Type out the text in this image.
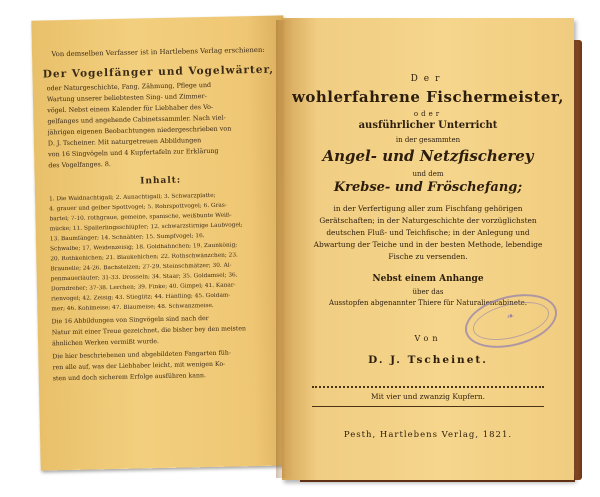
Von demselben Verfasser ist in Hartlebens Verlag erschienen:
Der Vogelfänger und Vogelwärter,
oder Naturgeschichte, Fang, Zähmung, Pflege und
Wartung unserer beliebtesten Sing- und Zimmer-
vögel. Nebst einem Kalender für Liebhaber des Vo-
gelfanges und angehende Cabinetssammler. Nach viel-
jährigen eigenen Beobachtungen niedergeschrieben von
D. J. Tscheiner. Mit naturgetreuen Abbildungen
von 16 Singvögeln und 4 Kupfertafeln zur Erklärung
des Vogelfanges. 8.
Inhalt:
1. Die Waldnachtigall; 2. Aunachtigall; 3. Schwarzplatte;
4. grauer und gelber Spottvogel; 5. Rohrspottvogel; 6. Gras-
bartel; 7-10. rothgraue, gemeine, spanische, weißbunte Weiß-
mücke; 11. Spallerlingsschlüpfer; 12. schwarzstirnige Laubvogel;
13. Baumfänger; 14. Schnäbler; 15. Sumpfvogel; 16.
Schwalbe; 17. Weidenzeisig; 18. Goldhähnchen; 19. Zaunkönig;
20. Rothkehlchen; 21. Blaukehlchen; 22. Rothschwänzchen; 23.
Braunelle; 24-26. Bachstelzen; 27-29. Steinschmätzer; 30. Al-
penmauerläufer; 31-33. Drosseln; 34. Staar; 35. Goldamsel; 36.
Dorndreher; 37-38. Lerchen; 39. Finke; 40. Gimpel; 41. Kanar-
rienvogel; 42. Zeisig; 43. Stieglitz; 44. Hänfling; 45. Goldam-
mer; 46. Kohlmeise; 47. Blaumeise; 48. Schwanzmeise.
Die 16 Abbildungen von Singvögeln sind nach der
Natur mit einer Treue gezeichnet, die bisher bey den meisten
ähnlichen Werken vermißt wurde.
Die hier beschriebenen und abgebildeten Fangarten füh-
ren alle auf, was der Liebhaber leicht, mit wenigen Ko-
sten und doch sicherem Erfolge ausführen kann.
Der
wohlerfahrene Fischermeister,
oder
ausführlicher Unterricht
in der gesammten
Angel- und Netzfischerey
und dem
Krebse- und Fröschefang;
in der Verfertigung aller zum Fischfang gehörigen
Gerätschaften; in der Naturgeschichte der vorzüglichsten
deutschen Fluß- und Teichfische; in der Anlegung und
Abwartung der Teiche und in der besten Methode, lebendige
Fische zu versenden.
Nebst einem Anhange
über das
Ausstopfen abgenannter Thiere für Naturaliencabinete.
Von
D. J. Tscheinet.
❧
Mit vier und zwanzig Kupfern.
Pesth, Hartlebens Verlag, 1821.
